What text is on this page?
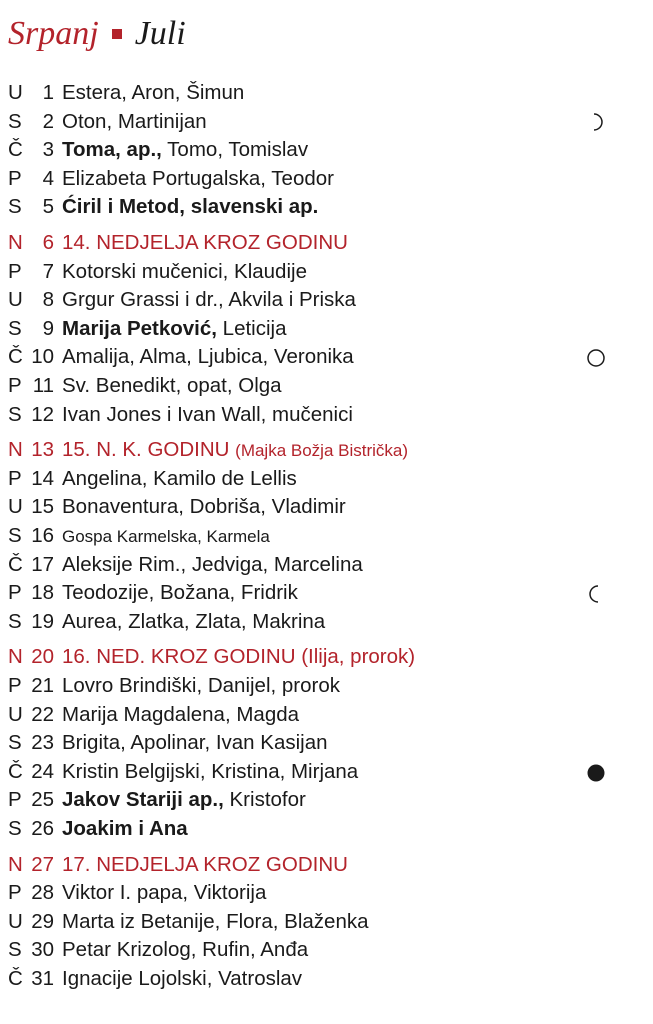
Srpanj Juli
U 1 Estera, Aron, Šimun
S	2 Oton, Martinijan
Č 3 Toma, ap., Tomo, Tomislav
P	4 Elizabeta Portugalska, Teodor
S	5 Ćiril i Metod, slavenski ap.
N 6 14. NEDJELJA KROZ GODINU
P	7 Kotorski mučenici, Klaudije
U 8 Grgur Grassi i dr., Akvila i Priska
S	9 Marija Petković, Leticija
Č 10 Amalija, Alma, Ljubica, Veronika
P 11 Sv. Benedikt, opat, Olga
S 12 Ivan Jones i Ivan Wall, mučenici
N 13 15. N. K. GODINU (Majka Božja Bistrička)
P 14 Angelina, Kamilo de Lellis
U 15 Bonaventura, Dobriša, Vladimir
S 16 Gospa Karmelska, Karmela
Č 17 Aleksije Rim., Jedviga, Marcelina
P 18 Teodozije, Božana, Fridrik
S 19 Aurea, Zlatka, Zlata, Makrina
N 20 16. NED. KROZ GODINU (Ilija, prorok)
P 21 Lovro Brindiški, Danijel, prorok
U 22 Marija Magdalena, Magda
S 23 Brigita, Apolinar, Ivan Kasijan
Č 24 Kristin Belgijski, Kristina, Mirjana
P 25 Jakov Stariji ap., Kristofor
S 26 Joakim i Ana
N 27 17. NEDJELJA KROZ GODINU
P 28 Viktor I. papa, Viktorija
U 29 Marta iz Betanije, Flora, Blaženka
S 30 Petar Krizolog, Rufin, Anđa
Č 31 Ignacije Lojolski, Vatroslav
